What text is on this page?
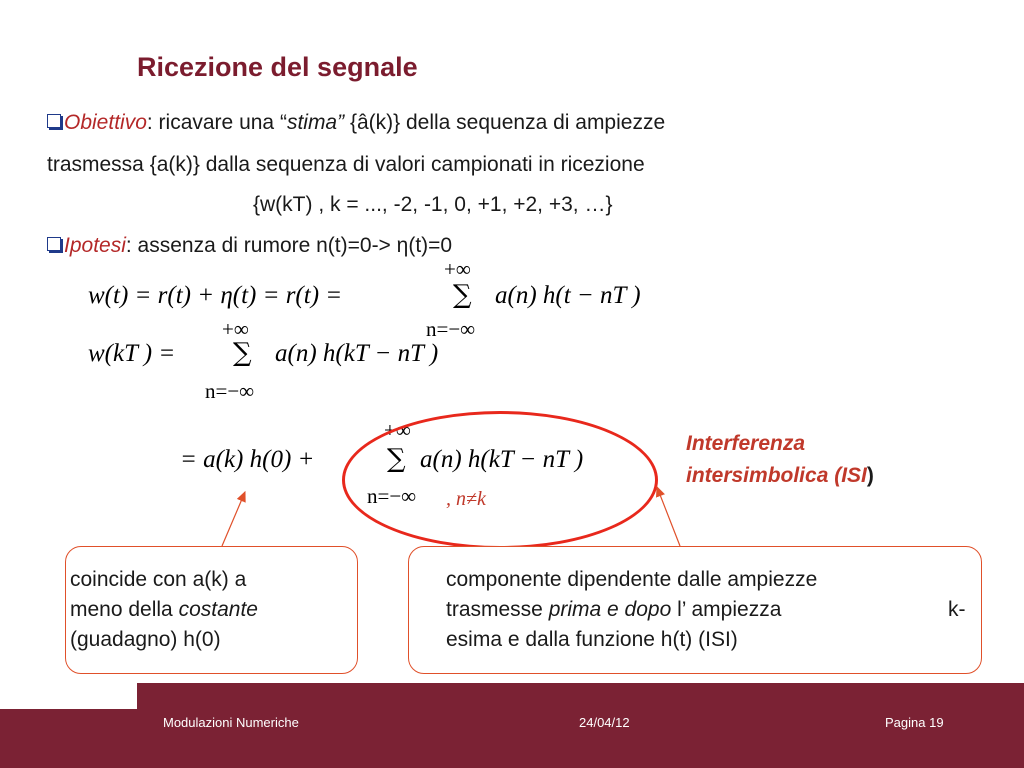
Ricezione del segnale
Obiettivo: ricavare una “stima” {â(k)} della sequenza di ampiezze
trasmessa {a(k)} dalla sequenza di valori campionati in ricezione
{w(kT) , k = ..., -2, -1, 0, +1, +2, +3, …}
Ipotesi: assenza di rumore n(t)=0-> η(t)=0
w(t) = r(t) + η(t) = r(t) =
+∞
∑ a(n) h(t − nT )
n=−∞
+∞
w(kT ) = ∑ a(n) h(kT − nT )
n=−∞
+∞
= a(k) h(0) +	∑ a(n) h(kT − nT )
n=−∞ , n≠k
Interferenza
intersimbolica (ISI)
coincide con a(k) a
meno della costante
(guadagno) h(0)
componente dipendente dalle ampiezze
trasmesse prima e dopo l’ ampiezza	k-
esima e dalla funzione h(t) (ISI)
Modulazioni Numeriche	24/04/12	Pagina 19
